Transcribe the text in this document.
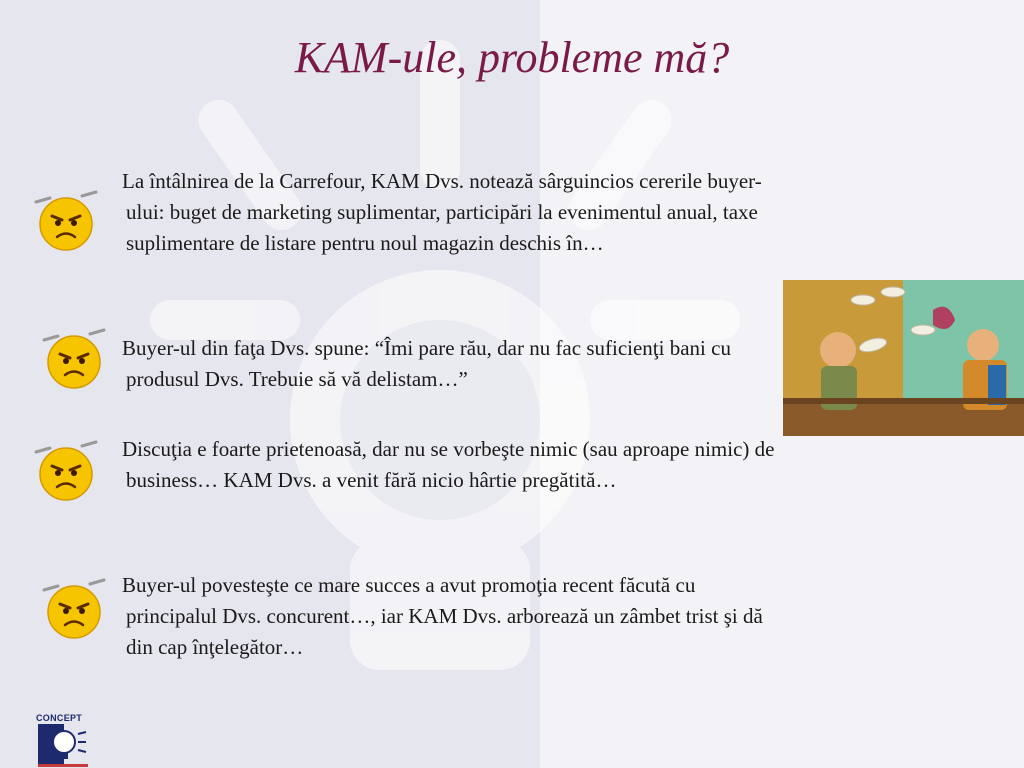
KAM-ule, probleme mă?

La întâlnirea de la Carrefour, KAM Dvs. notează sârguincios cererile buyer-ului: buget de marketing suplimentar, participări la evenimentul anual, taxe suplimentare de listare pentru noul magazin deschis în…

Buyer-ul din faţa Dvs. spune: “Îmi pare rău, dar nu fac suficienţi bani cu produsul Dvs. Trebuie să vă delistam…”

Discuţia e foarte prietenoasă, dar nu se vorbeşte nimic (sau aproape nimic) de business… KAM Dvs. a venit fără nicio hârtie pregătită…

Buyer-ul povesteşte ce mare succes a avut promoţia recent făcută cu principalul Dvs. concurent…, iar KAM Dvs. arborează un zâmbet trist şi dă din cap înţelegător…

CONCEPT
